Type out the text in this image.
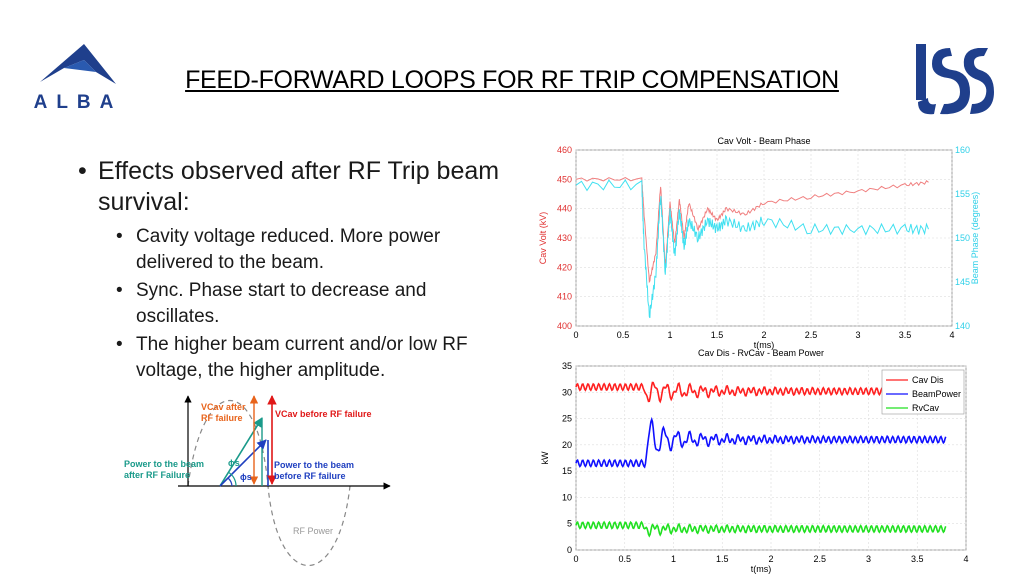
ALBA
FEED-FORWARD LOOPS FOR RF TRIP COMPENSATION
• Effects observed after RF Trip beam survival:
• Cavity voltage reduced. More power delivered to the beam.
• Sync. Phase start to decrease and oscillates.
• The higher beam current and/or low RF voltage, the higher amplitude.
VCav after
RF failure	VCav before RF failure
Power to the beam
after RF Failure
Power to the beam
before RF failure
ϕs
ϕs
RF Power
0	0.5	1	1.5	2	2.5	3	3.5	4
400
410
420
430
440
450
460
140
145
150
155
160
Cav Volt - Beam Phase
t(ms)
Cav Volt (kV)	Beam Phase (degrees)
0	0.5	1	1.5	2	2.5	3	3.5	4
0
5
10
15
20
25
30
35
Cav Dis - RvCav - Beam Power
t(ms)
kW
Cav Dis
BeamPower
RvCav
